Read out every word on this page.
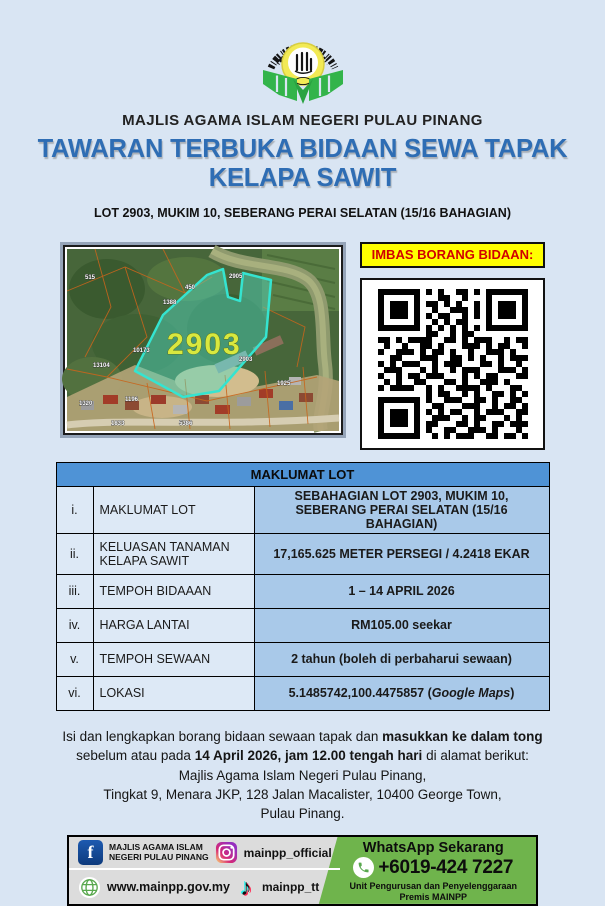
MAJLIS AGAMA ISLAM NEGERI PULAU PINANG
TAWARAN TERBUKA BIDAAN SEWA TAPAK
KELAPA SAWIT
LOT 2903, MUKIM 10, SEBERANG PERAI SELATAN (15/16 BAHAGIAN)
2903
515
450
2905
1388
10173
13104
1320
1196
1833	5386
2903
1925
IMBAS BORANG BIDAAN:
MAKLUMAT LOT		
i.	MAKLUMAT LOT	SEBAHAGIAN LOT 2903, MUKIM 10, SEBERANG PERAI SELATAN (15/16 BAHAGIAN)
ii.	KELUASAN TANAMAN KELAPA SAWIT	17,165.625 METER PERSEGI / 4.2418 EKAR
iii.	TEMPOH BIDAAAN	1 – 14 APRIL 2026
iv.	HARGA LANTAI	RM105.00 seekar
v.	TEMPOH SEWAAN	2 tahun (boleh di perbaharui sewaan)
vi.	LOKASI	5.1485742,100.4475857 (Google Maps)

Isi dan lengkapkan borang bidaan sewaan tapak dan masukkan ke dalam tong
sebelum atau pada 14 April 2026, jam 12.00 tengah hari di alamat berikut:
Majlis Agama Islam Negeri Pulau Pinang,
Tingkat 9, Menara JKP, 128 Jalan Macalister, 10400 George Town,
Pulau Pinang.

f
MAJLIS AGAMA ISLAM
NEGERI PULAU PINANG	mainpp_official
www.mainpp.gov.my ♪	mainpp_tt
WhatsApp Sekarang
+6019-424 7227
Unit Pengurusan dan Penyelenggaraan
Premis MAINPP
